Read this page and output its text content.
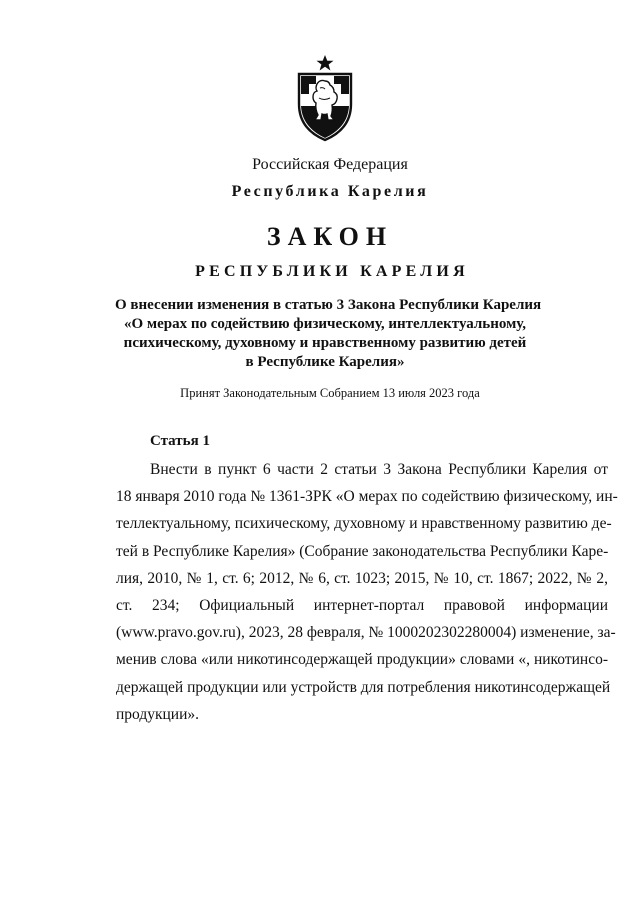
Российская Федерация
Республика Карелия
ЗАКОН
РЕСПУБЛИКИ КАРЕЛИЯ
О внесении изменения в статью 3 Закона Республики Карелия
«О мерах по содействию физическому, интеллектуальному,
психическому, духовному и нравственному развитию детей
в Республике Карелия»
Принят Законодательным Собранием 13 июля 2023 года
Статья 1
Внести в пункт 6 части 2 статьи 3 Закона Республики Карелия от
18 января 2010 года № 1361-ЗРК «О мерах по содействию физическому, ин-
теллектуальному, психическому, духовному и нравственному развитию де-
тей в Республике Карелия» (Собрание законодательства Республики Каре-
лия, 2010, № 1, ст. 6; 2012, № 6, ст. 1023; 2015, № 10, ст. 1867; 2022, № 2,
ст. 234; Официальный интернет-портал правовой информации
(www.pravo.gov.ru), 2023, 28 февраля, № 1000202302280004) изменение, за-
менив слова «или никотинсодержащей продукции» словами «, никотинсо-
держащей продукции или устройств для потребления никотинсодержащей
продукции».
